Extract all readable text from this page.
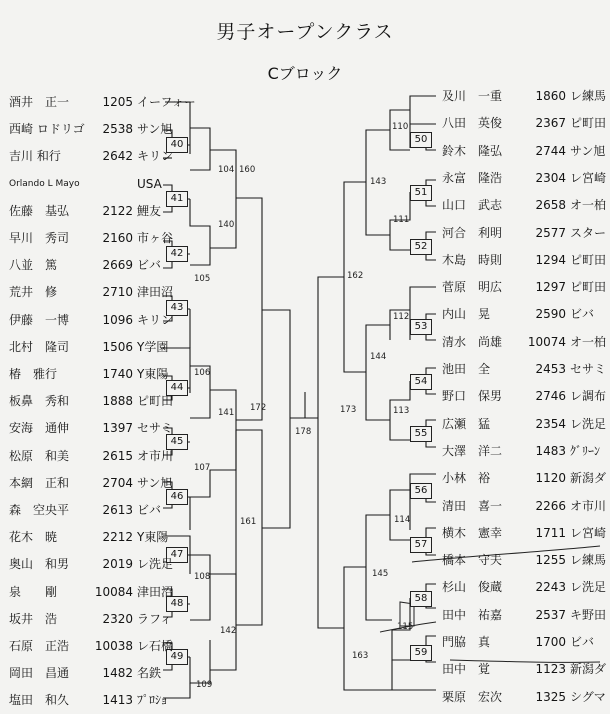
男子オープンクラス
Cブロック
40
41
42
43
44
45
46
47
48
49
50
51
52
53
54
55
56
57
58
59
104
105
106
107
108
109
140
141
142
160
161
172
178
110
111
112
113
114
115
143
144
145
162
163
173
酒井　正一	1205 イーフォー
西崎 ロドリゴ	2538 サン旭
吉川 和行	2642 キリン
Orlando L Mayo	USA
佐藤　基弘	2122 鯉友
早川　秀司	2160 市ヶ谷
八並　篤	2669 ビバ
荒井　修	2710 津田沼
伊藤　一博	1096 キリン
北村　隆司	1506 Y学園
椿　雅行	1740 Y東陽
板鼻　秀和	1888 ピ町田
安海　通伸	1397 セサミ
松原　和美	2615 オ市川
本網　正和	2704 サン旭
森　空央平	2613 ビバ
花木　暁	2212 Y東陽
奥山　和男	2019 レ洗足
泉　　剛	10084 津田沼
坂井　浩	2320 ラフィ
石原　正浩	10038 レ石橋
岡田　昌通	1482 名鉄
塩田　和久	1413 ﾌﾟﾛｼｮ
及川　一重	1860 レ練馬
八田　英俊	2367 ピ町田
鈴木　隆弘	2744 サン旭
永富　隆浩	2304 レ宮崎
山口　武志	2658 オ一柏
河合　利明	2577 スター
木島　時則	1294 ピ町田
菅原　明広	1297 ピ町田
内山　晃	2590 ビバ
清水　尚雄	10074 オ一柏
池田　全	2453 セサミ
野口　保男	2746 レ調布
広瀬　猛	2354 レ洗足
大澤　洋二	1483 ｸﾞﾘｰﾝ
小林　裕	1120 新潟ダ
清田　喜一	2266 オ市川
横木　憲幸	1711 レ宮崎
橋本　守夫	1255 レ練馬
杉山　俊蔵	2243 レ洗足
田中　祐嘉	2537 キ野田
門脇　真	1700 ビバ
田中　覚	1123 新潟ダ
栗原　宏次	1325 シグマ
